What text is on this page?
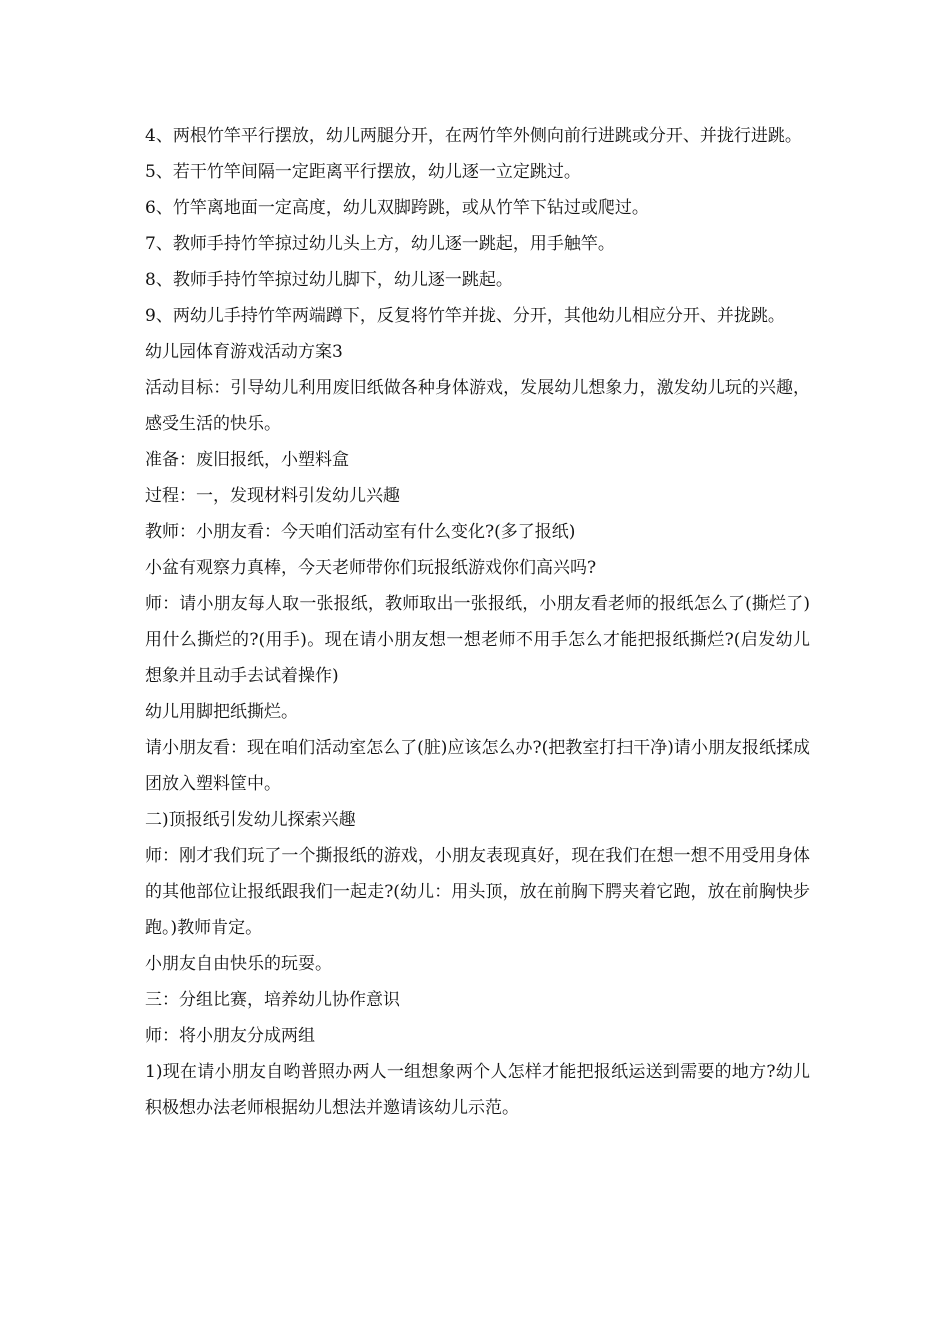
4、两根竹竿平行摆放，幼儿两腿分开，在两竹竿外侧向前行进跳或分开、并拢行进跳。

5、若干竹竿间隔一定距离平行摆放，幼儿逐一立定跳过。

6、竹竿离地面一定高度，幼儿双脚跨跳，或从竹竿下钻过或爬过。

7、教师手持竹竿掠过幼儿头上方，幼儿逐一跳起，用手触竿。

8、教师手持竹竿掠过幼儿脚下，幼儿逐一跳起。

9、两幼儿手持竹竿两端蹲下，反复将竹竿并拢、分开，其他幼儿相应分开、并拢跳。

幼儿园体育游戏活动方案3

活动目标：引导幼儿利用废旧纸做各种身体游戏，发展幼儿想象力，激发幼儿玩的兴趣，感受生活的快乐。

准备：废旧报纸，小塑料盒

过程：一，发现材料引发幼儿兴趣

教师：小朋友看：今天咱们活动室有什么变化?(多了报纸)

小盆有观察力真棒，今天老师带你们玩报纸游戏你们高兴吗?

师：请小朋友每人取一张报纸，教师取出一张报纸，小朋友看老师的报纸怎么了(撕烂了)用什么撕烂的?(用手)。现在请小朋友想一想老师不用手怎么才能把报纸撕烂?(启发幼儿想象并且动手去试着操作)

幼儿用脚把纸撕烂。

请小朋友看：现在咱们活动室怎么了(脏)应该怎么办?(把教室打扫干净)请小朋友报纸揉成团放入塑料筐中。

二)顶报纸引发幼儿探索兴趣

师：刚才我们玩了一个撕报纸的游戏，小朋友表现真好，现在我们在想一想不用受用身体的其他部位让报纸跟我们一起走?(幼儿：用头顶，放在前胸下腭夹着它跑，放在前胸快步跑。)教师肯定。

小朋友自由快乐的玩耍。

三：分组比赛，培养幼儿协作意识

师：将小朋友分成两组

1)现在请小朋友自哟普照办两人一组想象两个人怎样才能把报纸运送到需要的地方?幼儿积极想办法老师根据幼儿想法并邀请该幼儿示范。
